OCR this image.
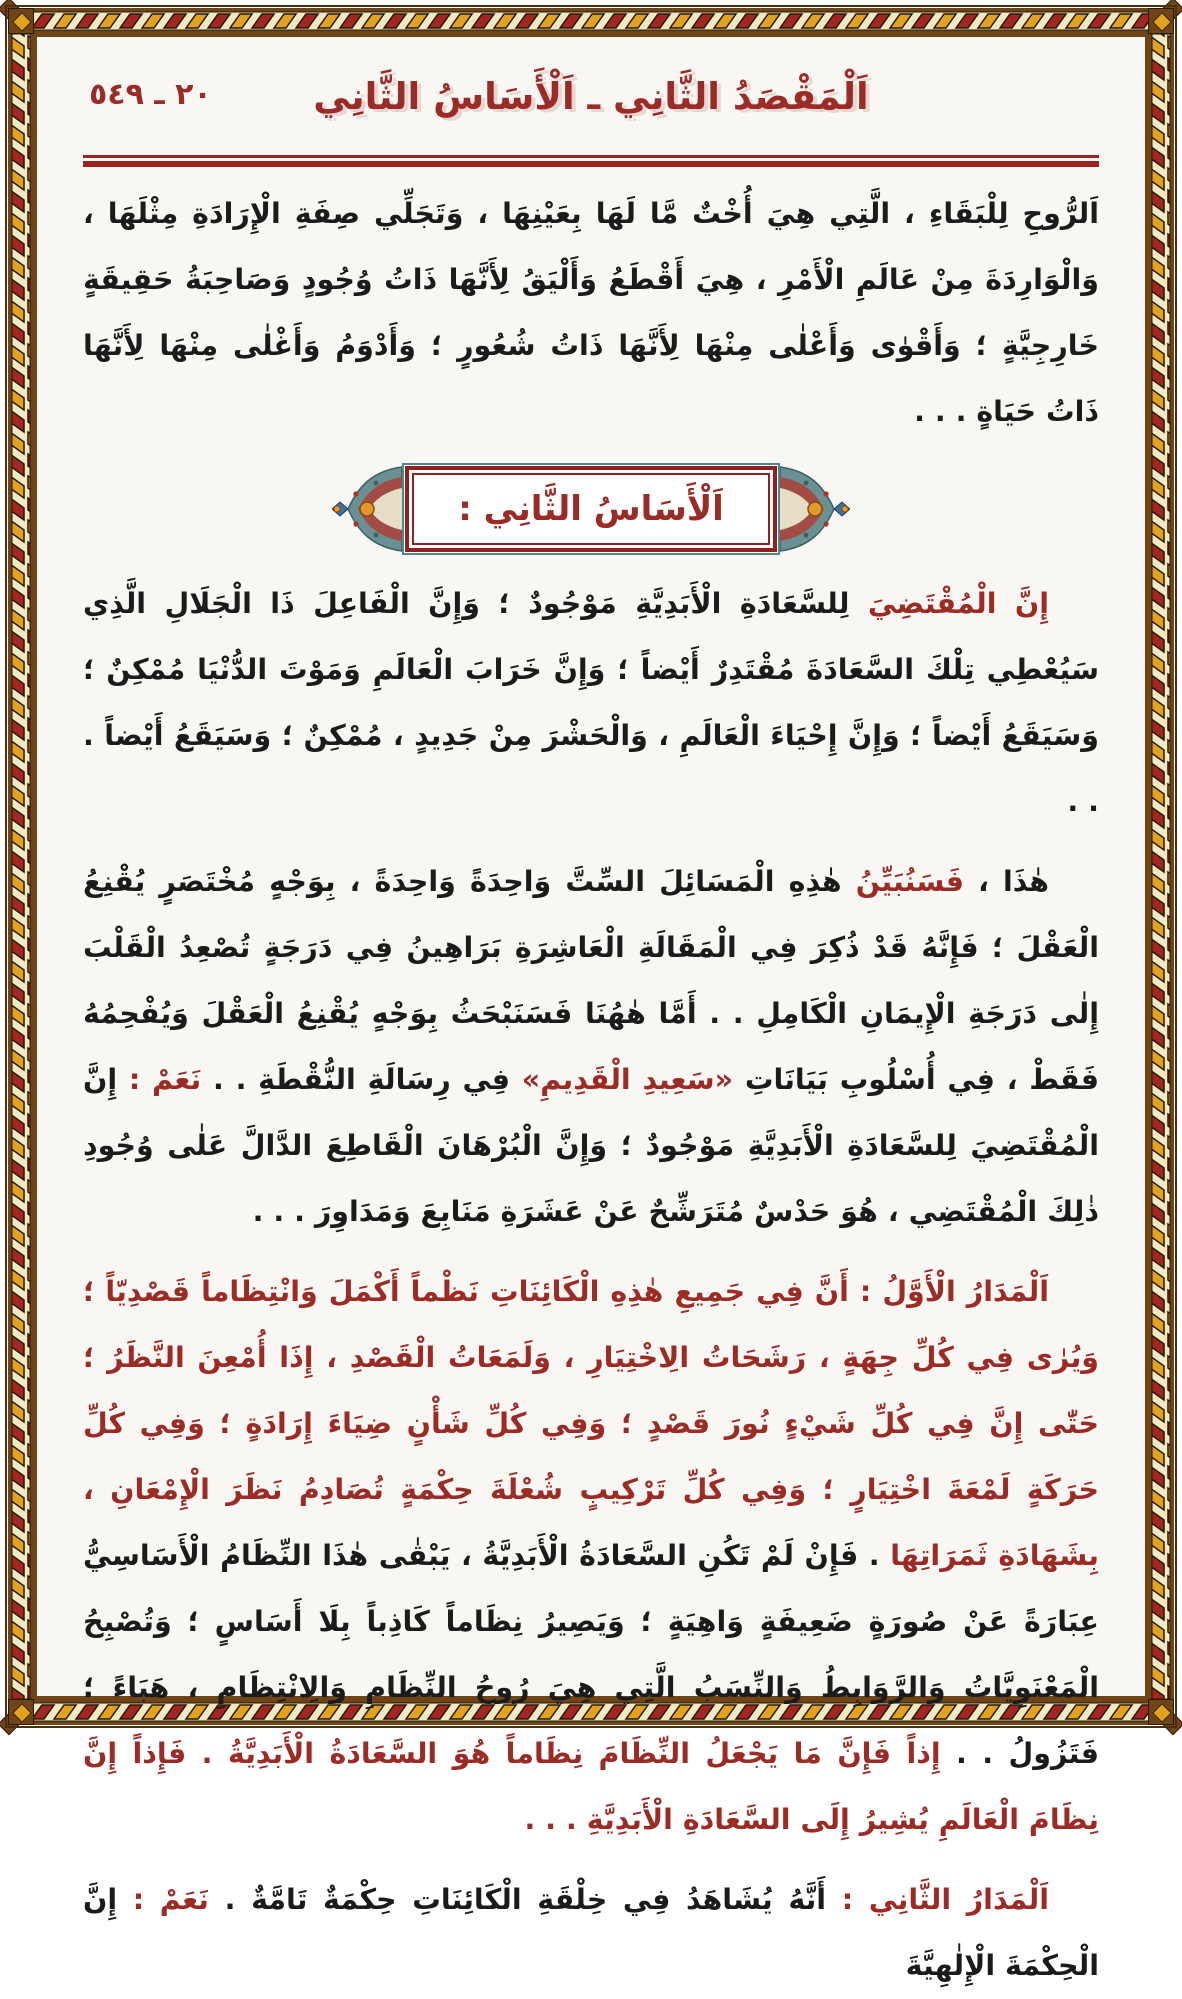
٢٠ ـ ٥٤٩	اَلْمَقْصَدُ الثَّانِي ـ اَلْأَسَاسُ الثَّانِي

اَلرُّوحِ لِلْبَقَاءِ ، الَّتِي هِيَ أُخْتٌ مَّا لَهَا بِعَيْنِهَا ، وَتَجَلِّي صِفَةِ الْإِرَادَةِ مِثْلَهَا ، وَالْوَارِدَةَ مِنْ عَالَمِ الْأَمْرِ ، هِيَ أَقْطَعُ وَأَلْيَقُ لِأَنَّهَا ذَاتُ وُجُودٍ وَصَاحِبَةُ حَقِيقَةٍ خَارِجِيَّةٍ ؛ وَأَقْوٰى وَأَعْلٰى مِنْهَا لِأَنَّهَا ذَاتُ شُعُورٍ ؛ وَأَدْوَمُ وَأَغْلٰى مِنْهَا لِأَنَّهَا ذَاتُ حَيَاةٍ . . .

اَلْأَسَاسُ الثَّانِي :

إِنَّ الْمُقْتَضِيَ لِلسَّعَادَةِ الْأَبَدِيَّةِ مَوْجُودٌ ؛ وَإِنَّ الْفَاعِلَ ذَا الْجَلَالِ الَّذِي سَيُعْطِي تِلْكَ السَّعَادَةَ مُقْتَدِرٌ أَيْضاً ؛ وَإِنَّ خَرَابَ الْعَالَمِ وَمَوْتَ الدُّنْيَا مُمْكِنٌ ؛ وَسَيَقَعُ أَيْضاً ؛ وَإِنَّ إِحْيَاءَ الْعَالَمِ ، وَالْحَشْرَ مِنْ جَدِيدٍ ، مُمْكِنٌ ؛ وَسَيَقَعُ أَيْضاً . . .

هٰذَا ، فَسَنُبَيِّنُ هٰذِهِ الْمَسَائِلَ السِّتَّ وَاحِدَةً وَاحِدَةً ، بِوَجْهٍ مُخْتَصَرٍ يُقْنِعُ الْعَقْلَ ؛ فَإِنَّهُ قَدْ ذُكِرَ فِي الْمَقَالَةِ الْعَاشِرَةِ بَرَاهِينُ فِي دَرَجَةٍ تُصْعِدُ الْقَلْبَ إِلٰى دَرَجَةِ الْإِيمَانِ الْكَامِلِ . . أَمَّا هٰهُنَا فَسَنَبْحَثُ بِوَجْهٍ يُقْنِعُ الْعَقْلَ وَيُفْحِمُهُ فَقَطْ ، فِي أُسْلُوبِ بَيَانَاتِ «سَعِيدِ الْقَدِيمِ» فِي رِسَالَةِ النُّقْطَةِ . . نَعَمْ : إِنَّ الْمُقْتَضِيَ لِلسَّعَادَةِ الْأَبَدِيَّةِ مَوْجُودٌ ؛ وَإِنَّ الْبُرْهَانَ الْقَاطِعَ الدَّالَّ عَلٰى وُجُودِ ذٰلِكَ الْمُقْتَضِي ، هُوَ حَدْسٌ مُتَرَشِّحٌ عَنْ عَشَرَةِ مَنَابِعَ وَمَدَاوِرَ . . .

اَلْمَدَارُ الْأَوَّلُ : أَنَّ فِي جَمِيعِ هٰذِهِ الْكَائِنَاتِ نَظْماً أَكْمَلَ وَانْتِظَاماً قَصْدِيّاً ؛ وَيُرٰى فِي كُلِّ جِهَةٍ ، رَشَحَاتُ الِاخْتِيَارِ ، وَلَمَعَاتُ الْقَصْدِ ، إِذَا أُمْعِنَ النَّظَرُ ؛ حَتّٰى إِنَّ فِي كُلِّ شَيْءٍ نُورَ قَصْدٍ ؛ وَفِي كُلِّ شَأْنٍ ضِيَاءَ إِرَادَةٍ ؛ وَفِي كُلِّ حَرَكَةٍ لَمْعَةَ اخْتِيَارٍ ؛ وَفِي كُلِّ تَرْكِيبٍ شُعْلَةَ حِكْمَةٍ تُصَادِمُ نَظَرَ الْإِمْعَانِ ، بِشَهَادَةِ ثَمَرَاتِهَا . فَإِنْ لَمْ تَكُنِ السَّعَادَةُ الْأَبَدِيَّةُ ، يَبْقٰى هٰذَا النِّظَامُ الْأَسَاسِيُّ عِبَارَةً عَنْ صُورَةٍ ضَعِيفَةٍ وَاهِيَةٍ ؛ وَيَصِيرُ نِظَاماً كَاذِباً بِلَا أَسَاسٍ ؛ وَتُصْبِحُ الْمَعْنَوِيَّاتُ وَالرَّوَابِطُ وَالنِّسَبُ الَّتِي هِيَ رُوحُ النِّظَامِ وَالِانْتِظَامِ ، هَبَاءً ؛ فَتَزُولُ . . إِذاً فَإِنَّ مَا يَجْعَلُ النِّظَامَ نِظَاماً هُوَ السَّعَادَةُ الْأَبَدِيَّةُ . فَإِذاً إِنَّ نِظَامَ الْعَالَمِ يُشِيرُ إِلَى السَّعَادَةِ الْأَبَدِيَّةِ . . .

اَلْمَدَارُ الثَّانِي : أَنَّهُ يُشَاهَدُ فِي خِلْقَةِ الْكَائِنَاتِ حِكْمَةٌ تَامَّةٌ . نَعَمْ : إِنَّ الْحِكْمَةَ الْإِلٰهِيَّةَ
